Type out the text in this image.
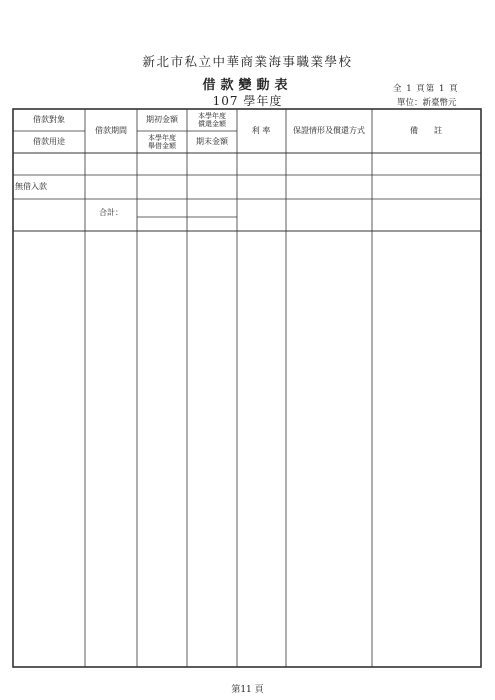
新北市私立中華商業海事職業學校
借款變動表
107 學年度
全 1 頁第 1 頁
單位：新臺幣元
借款對象
借款用途
借款期間
期初金額
本學年度
舉借金額
本學年度
償還金額
期末金額
利 率	保證情形及償還方式	備　　註
無借入款
合計：
第11 頁
